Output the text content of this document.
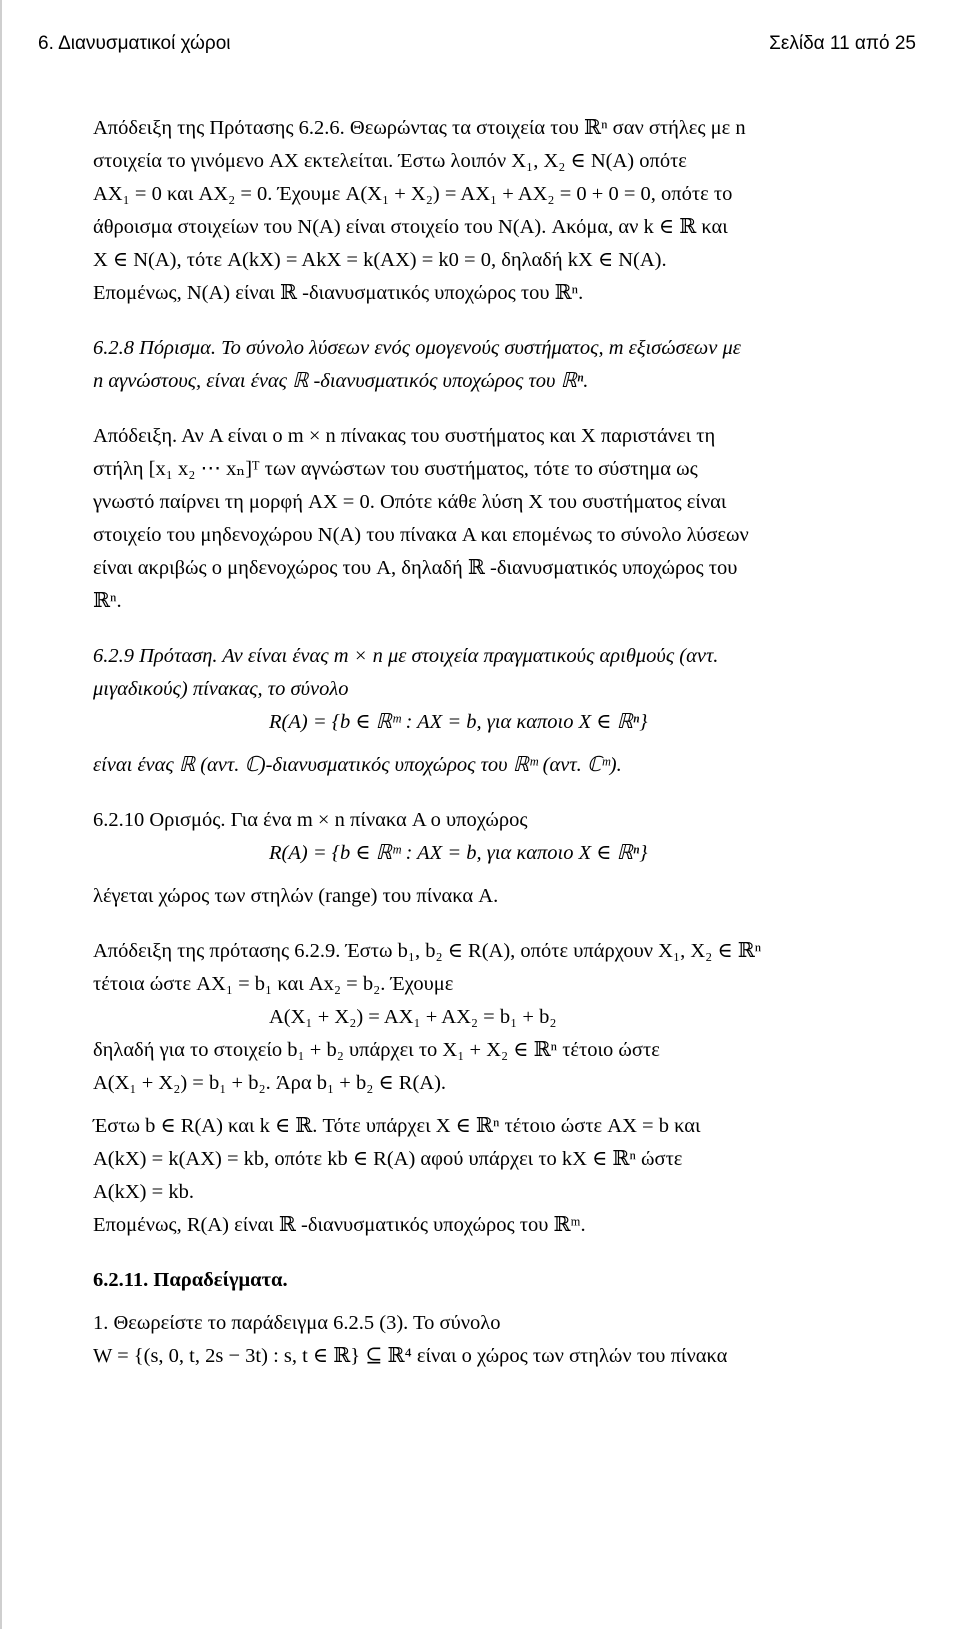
6. Διανυσματικοί χώροι	Σελίδα 11 από 25

Απόδειξη της Πρότασης 6.2.6. Θεωρώντας τα στοιχεία του ℝⁿ σαν στήλες με n

στοιχεία το γινόμενο AX εκτελείται. Έστω λοιπόν X₁, X₂ ∈ N(A) οπότε

AX₁ = 0 και AX₂ = 0. Έχουμε A(X₁ + X₂) = AX₁ + AX₂ = 0 + 0 = 0, οπότε το

άθροισμα στοιχείων του N(A) είναι στοιχείο του N(A). Ακόμα, αν k ∈ ℝ και

X ∈ N(A), τότε A(kX) = AkX = k(AX) = k0 = 0, δηλαδή kX ∈ N(A).

Επομένως, N(A) είναι ℝ -διανυσματικός υποχώρος του ℝⁿ.

6.2.8 Πόρισμα. Το σύνολο λύσεων ενός ομογενούς συστήματος, m εξισώσεων με

n αγνώστους, είναι ένας ℝ -διανυσματικός υποχώρος του ℝⁿ.

Απόδειξη. Αν A είναι ο m × n πίνακας του συστήματος και X παριστάνει τη

στήλη [x₁ x₂ ⋯ xₙ]ᵀ των αγνώστων του συστήματος, τότε το σύστημα ως

γνωστό παίρνει τη μορφή AX = 0. Οπότε κάθε λύση X του συστήματος είναι

στοιχείο του μηδενοχώρου N(A) του πίνακα A και επομένως το σύνολο λύσεων

είναι ακριβώς ο μηδενοχώρος του A, δηλαδή ℝ -διανυσματικός υποχώρος του

ℝⁿ.

6.2.9 Πρόταση. Αν είναι ένας m × n με στοιχεία πραγματικούς αριθμούς (αντ.

μιγαδικούς) πίνακας, το σύνολο

R(A) = {b ∈ ℝᵐ : AX = b, για καποιο X ∈ ℝⁿ}

είναι ένας ℝ (αντ. ℂ)-διανυσματικός υποχώρος του ℝᵐ (αντ. ℂᵐ).

6.2.10 Ορισμός. Για ένα m × n πίνακα A ο υποχώρος

R(A) = {b ∈ ℝᵐ : AX = b, για καποιο X ∈ ℝⁿ}

λέγεται χώρος των στηλών (range) του πίνακα A.

Απόδειξη της πρότασης 6.2.9. Έστω b₁, b₂ ∈ R(A), οπότε υπάρχουν X₁, X₂ ∈ ℝⁿ

τέτοια ώστε AX₁ = b₁ και Ax₂ = b₂. Έχουμε

A(X₁ + X₂) = AX₁ + AX₂ = b₁ + b₂

δηλαδή για το στοιχείο b₁ + b₂ υπάρχει το X₁ + X₂ ∈ ℝⁿ τέτοιο ώστε

A(X₁ + X₂) = b₁ + b₂. Άρα b₁ + b₂ ∈ R(A).

Έστω b ∈ R(A) και k ∈ ℝ. Τότε υπάρχει X ∈ ℝⁿ τέτοιο ώστε AX = b και

A(kX) = k(AX) = kb, οπότε kb ∈ R(A) αφού υπάρχει το kX ∈ ℝⁿ ώστε

A(kX) = kb.

Επομένως, R(A) είναι ℝ -διανυσματικός υποχώρος του ℝᵐ.

6.2.11. Παραδείγματα.

1. Θεωρείστε το παράδειγμα 6.2.5 (3). Το σύνολο

W = {(s, 0, t, 2s − 3t) : s, t ∈ ℝ} ⊆ ℝ⁴ είναι ο χώρος των στηλών του πίνακα
